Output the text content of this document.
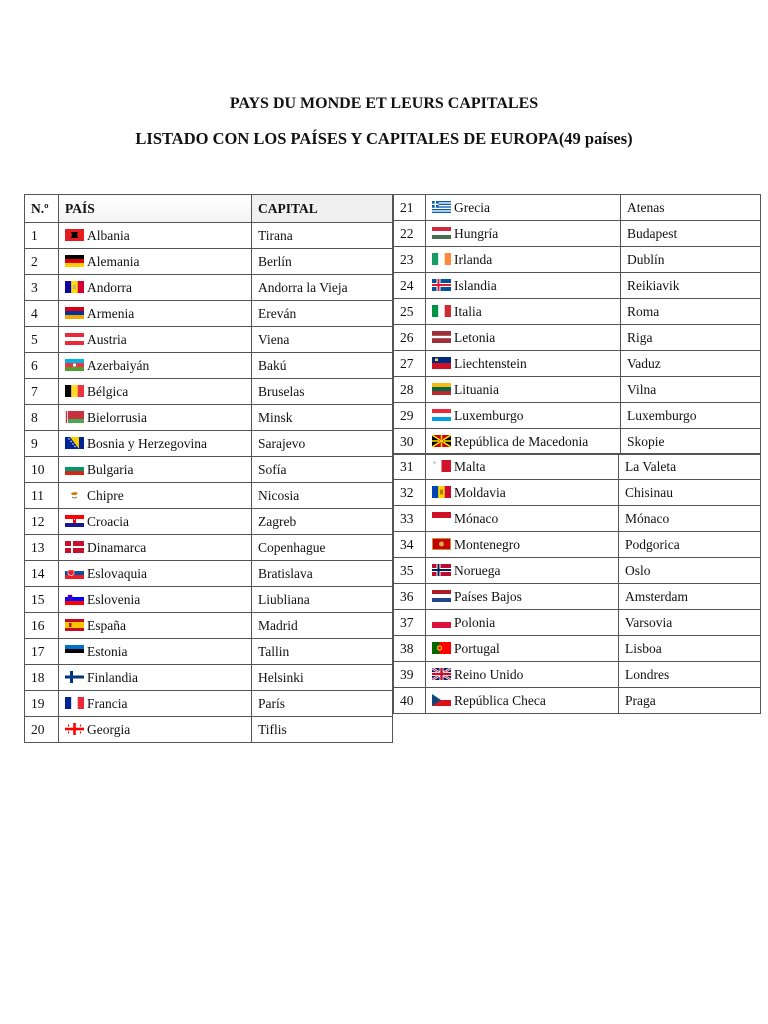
PAYS DU MONDE ET LEURS CAPITALES

LISTADO CON LOS PAÍSES Y CAPITALES DE EUROPA(49 países)

N.º	PAÍS	CAPITAL
1	Albania	Tirana
2	Alemania	Berlín
3	Andorra	Andorra la Vieja
4	Armenia	Ereván
5	Austria	Viena
6	Azerbaiyán	Bakú
7	Bélgica	Bruselas
8	Bielorrusia	Minsk
9	Bosnia y Herzegovina	Sarajevo
10	Bulgaria	Sofía
11	Chipre	Nicosia
12	Croacia	Zagreb
13	Dinamarca	Copenhague
14	Eslovaquia	Bratislava
15	Eslovenia	Liubliana
16	España	Madrid
17	Estonia	Tallin
18	Finlandia	Helsinki
19	Francia	París
20	Georgia	Tiflis
21	Grecia	Atenas
22	Hungría	Budapest
23	Irlanda	Dublín
24	Islandia	Reikiavik
25	Italia	Roma
26	Letonia	Riga
27	Liechtenstein	Vaduz
28	Lituania	Vilna
29	Luxemburgo	Luxemburgo
30	República de Macedonia	Skopie
31	Malta	La Valeta
32	Moldavia	Chisinau
33	Mónaco	Mónaco
34	Montenegro	Podgorica
35	Noruega	Oslo
36	Países Bajos	Amsterdam
37	Polonia	Varsovia
38	Portugal	Lisboa
39	Reino Unido	Londres
40	República Checa	Praga
